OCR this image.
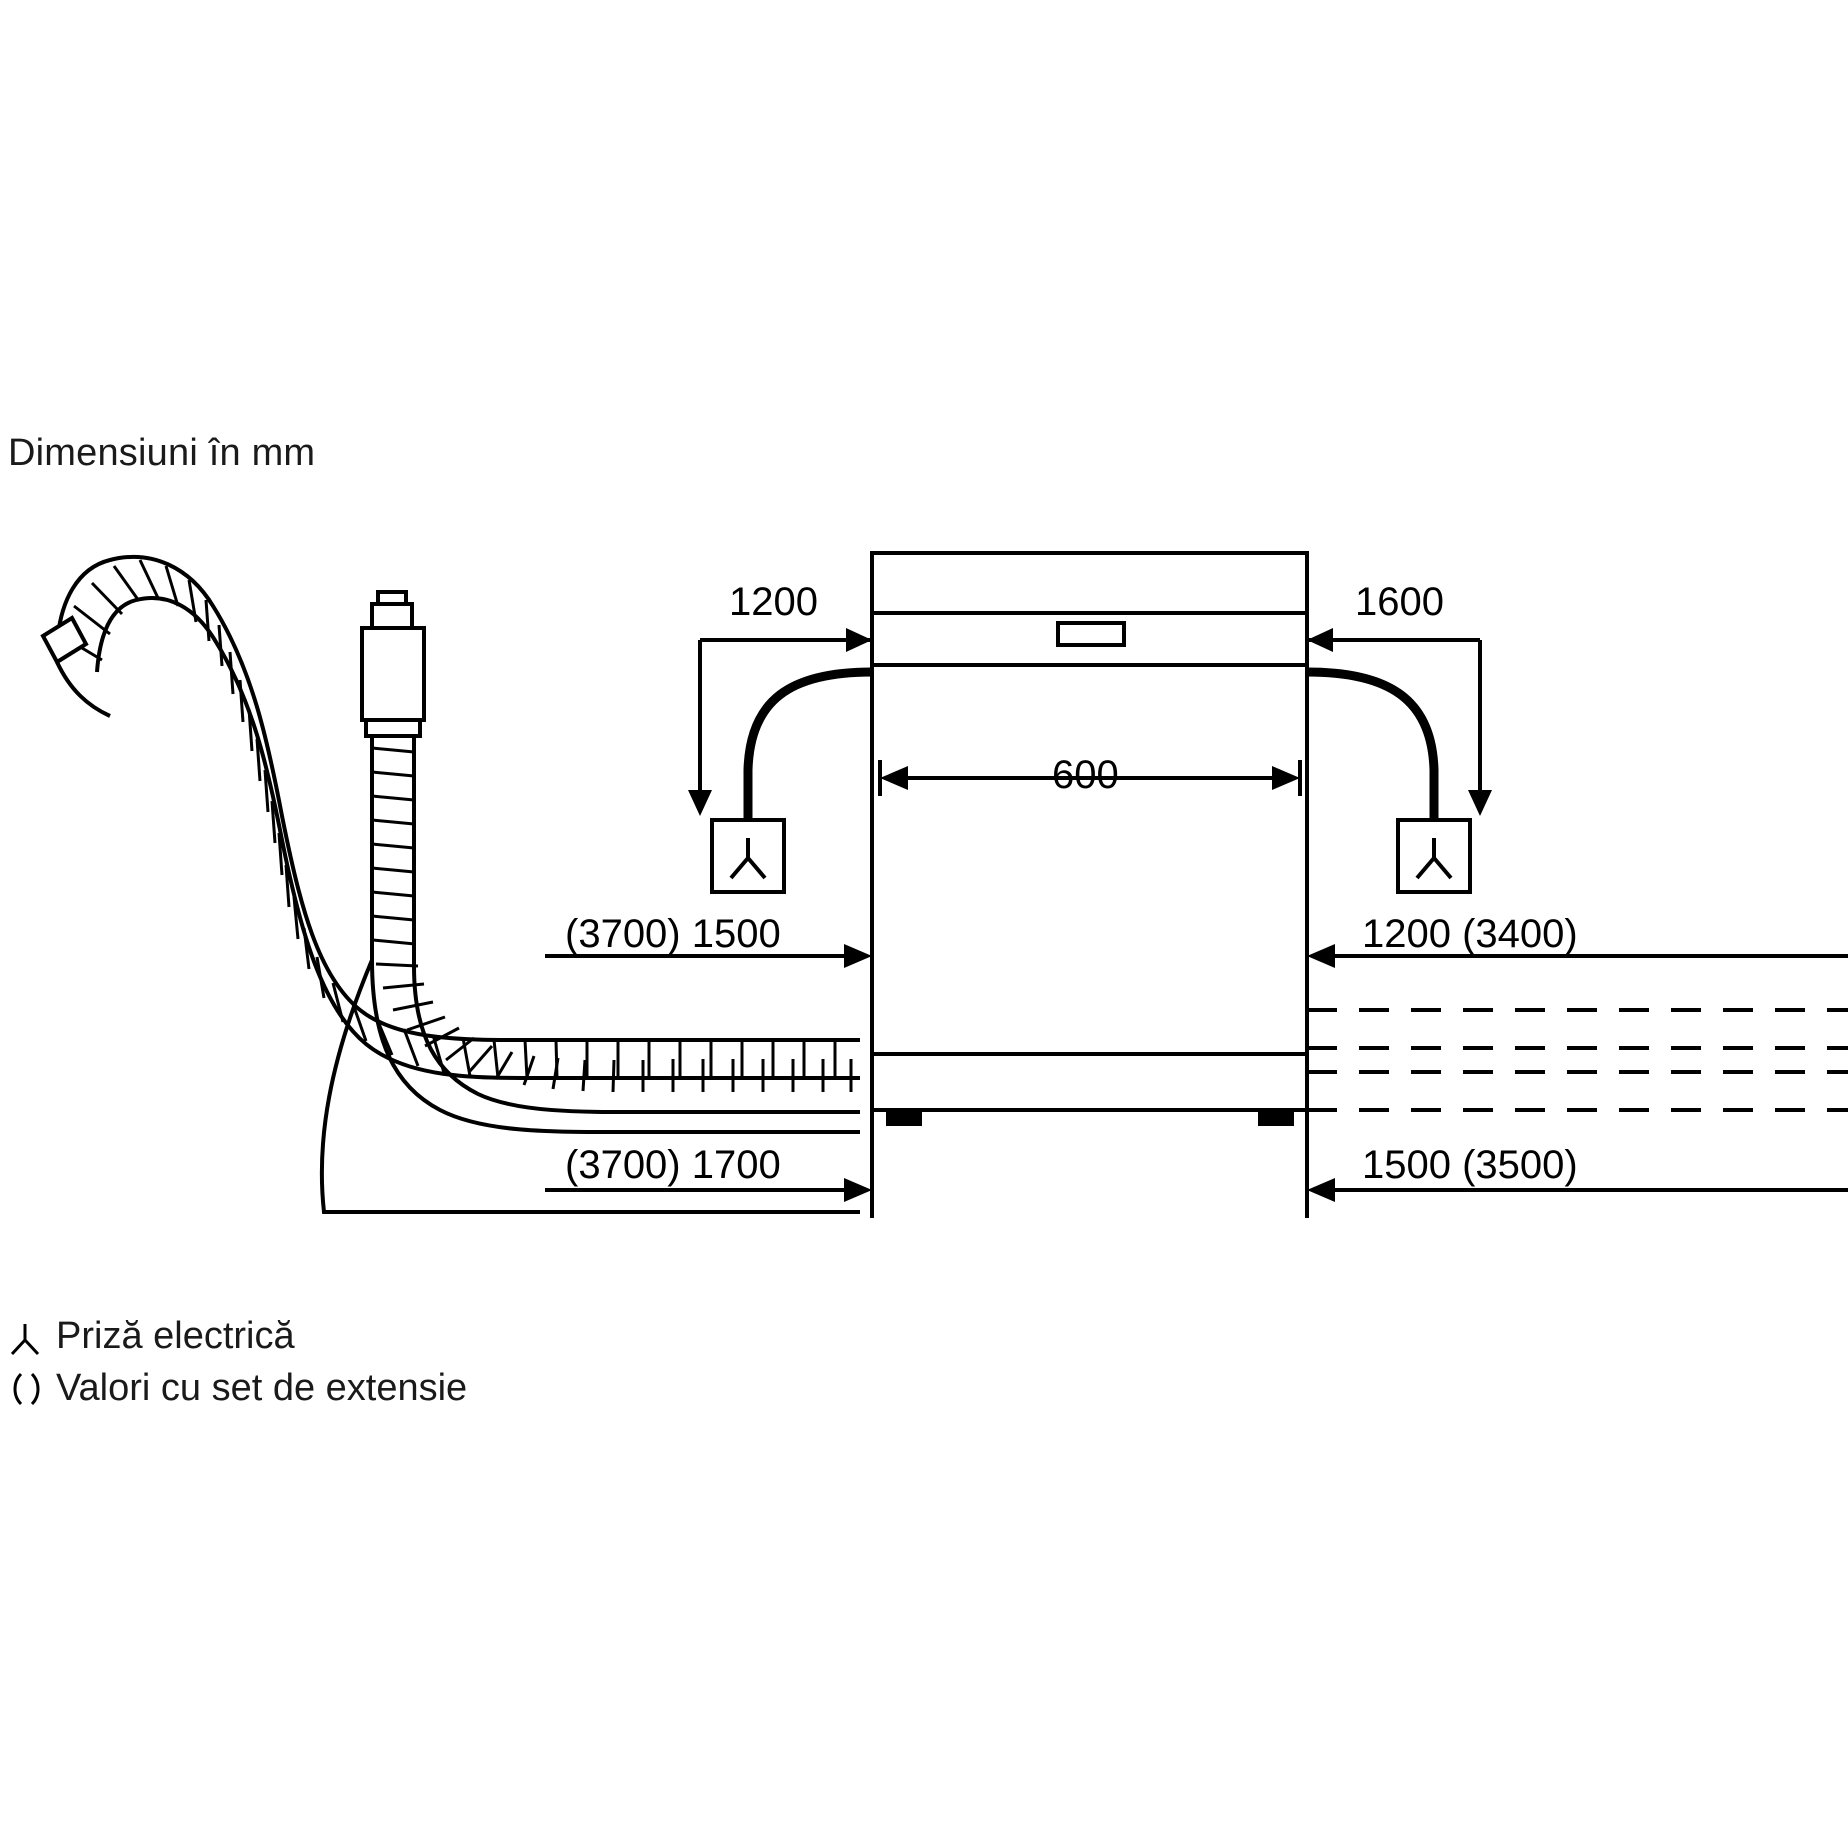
Dimensiuni în mm
1200	1600
600
(3700) 1500	1200 (3400)
(3700) 1700	1500 (3500)
Priză electrică
Valori cu set de extensie
